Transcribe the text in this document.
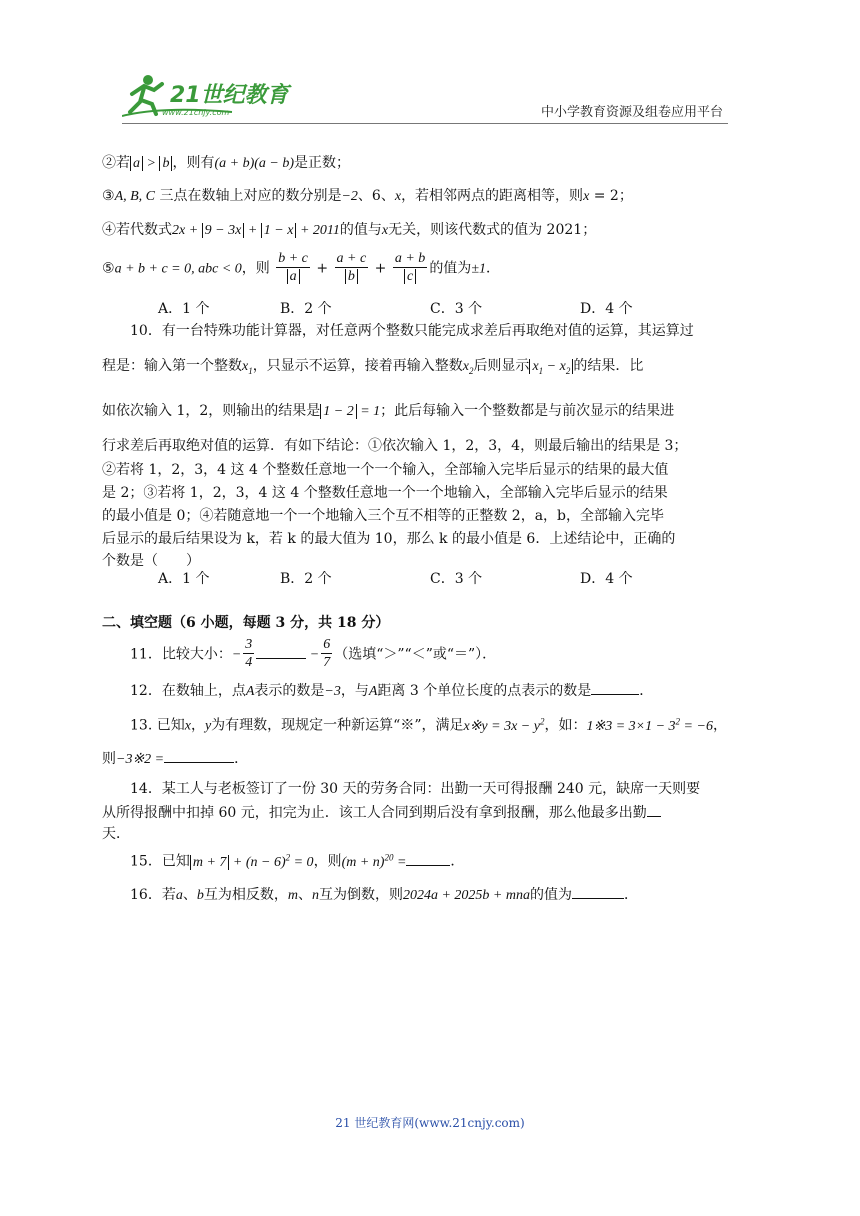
21世纪教育
www.21cnjy.com	中小学教育资源及组卷应用平台
②若 a > b ，则有(a + b)(a − b)是正数；
③A, B, C 三点在数轴上对应的数分别是−2、6、x，若相邻两点的距离相等，则x = 2；
④若代数式2x + 9 − 3x + 1 − x + 2011的值与x无关，则该代数式的值为 2021；
⑤a + b + c = 0, abc < 0，则 $\frac{b + c}{a} + \frac{a + c}{b} + \frac{a + b}{c}$ 的值为±1．
A．1 个	B．2 个	C．3 个	D．4 个
10．有一台特殊功能计算器，对任意两个整数只能完成求差后再取绝对值的运算，其运算过
程是：输入第一个整数$x_1$，只显示不运算，接着再输入整数$x_2$后则显示 $x_1 - x_2$ 的结果．比
如依次输入 1，2，则输出的结果是 1 − 2 = 1；此后每输入一个整数都是与前次显示的结果进
行求差后再取绝对值的运算．有如下结论：①依次输入 1，2，3，4，则最后输出的结果是 3；
②若将 1，2，3，4 这 4 个整数任意地一个一个输入，全部输入完毕后显示的结果的最大值
是 2；③若将 1，2，3，4 这 4 个整数任意地一个一个地输入，全部输入完毕后显示的结果
的最小值是 0；④若随意地一个一个地输入三个互不相等的正整数 2，a，b，全部输入完毕
后显示的最后结果设为 k，若 k 的最大值为 10，那么 k 的最小值是 6．上述结论中，正确的
个数是（　　）
A．1 个	B．2 个	C．3 个	D．4 个
二、填空题（6 小题，每题 3 分，共 18 分）
11．比较大小：− $\frac{3}{4}$	− $\frac{6}{7}$ （选填“＞”“＜”或“＝”）．
12．在数轴上，点A表示的数是−3，与A距离 3 个单位长度的点表示的数是	．
13. 已知x，y为有理数，现规定一种新运算“※”，满足x※y = $3x - y^2$，如：1※3 = $3\times 1 - 3^2 = -6$，
则−3※2 =	．
14．某工人与老板签订了一份 30 天的劳务合同：出勤一天可得报酬 240 元，缺席一天则要
从所得报酬中扣掉 60 元，扣完为止．该工人合同到期后没有拿到报酬，那么他最多出勤
天．
15．已知 $m + 7 + (n - 6)^2 = 0$，则$(m + n)^{20}$ =	．
16．若a、b互为相反数，m、n互为倒数，则2024a + 2025b + mna的值为	．
21 世纪教育网(www.21cnjy.com)
